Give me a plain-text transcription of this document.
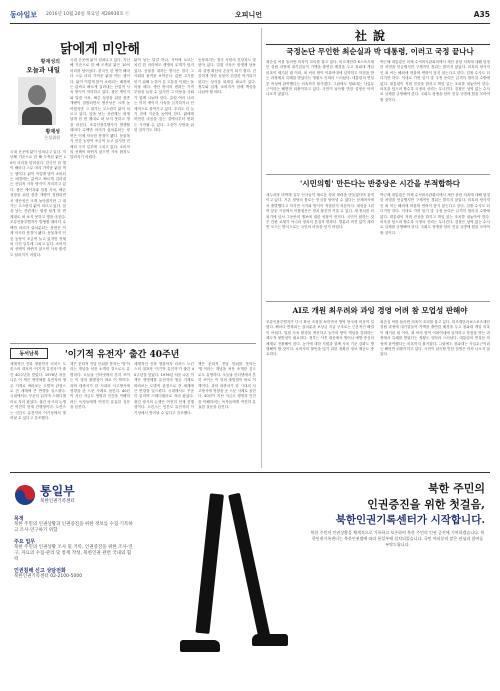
동아일보 2016년 10월 20일 목요일 제28930호 ⓒ	오피니언	A35
닭에게 미안해
황재성의
오늘과 내일
황재성
논설위원
국내 곳곳에 닭이 넘쳐나고 있다. 지난해 기준으로 한 해 도축된 닭은 10억 마리를 넘어섰다. 한국인 한 명이 해마다 스무 마리 가까운 닭을 먹는 셈이다. 닭이 이렇게 많이 소비되는 배경에는 값싸고 빠르게 길러내는 산업적 사육 방식이 자리하고 있다. 좁은 케이지와 밀집 사육, 빠른 성장을 위한 품종 개량이 결합되면서 생산성은 크게 높아졌지만 그 대가는 고스란히 닭이 치르고 있다. 알을 낳는 산란계는 평생 날개 한 번 제대로 펴 보지 못하고 생을 마친다. 조류인플루엔자가 발생할 때마다 수백만 마리가 살처분되는 장면은 이제 익숙한 풍경이 됐다. 동물복지 인증 농장이 조금씩 늘고 있지만 전체의 극히 일부에 그치고 있다. 소비자의 선택이 바뀌지 않으면 사육 환경도 달라지기 어렵다.
국내 곳곳에 닭이 넘쳐나고 있다. 지난해 기준으로 한 해 도축된 닭은 10억 마리를 넘어섰다. 한국인 한 명이 해마다 스무 마리 가까운 닭을 먹는 셈이다. 닭이 이렇게 많이 소비되는 배경에는 값싸고 빠르게 길러내는 산업적 사육 방식이 자리하고 있다. 좁은 케이지와 밀집 사육, 빠른 성장을 위한 품종 개량이 결합되면서 생산성은 크게 높아졌지만 그 대가는 고스란히 닭이 치르고 있다. 알을 낳는 산란계는 평생 날개 한 번 제대로 펴 보지 못하고 생을 마친다. 조류인플루엔자가 발생할 때마다 수백만 마리가 살처분되는 장면은 이제 익숙한 풍경이 됐다. 동물복지 인증 농장이 조금씩 늘고 있지만 전체의 극히 일부에 그치고 있다. 소비자의 선택이 바뀌지 않으면 사육 환경도 달라지기 어렵다.
닭이 낳는 달걀 하나, 식탁에 오르는 치킨 한 마리에도 생명의 무게가 담겨 있다. 동물을 대하는 방식은 결국 그 사회의 품격을 보여준다. 값싼 고기를 얻기 위해 눈감아 온 고통을 이제는 돌아볼 때다. 생산 방식의 변화는 가격 부담을 늘릴 수 있지만 그 비용을 사회가 함께 나눠야 한다. 유럽 여러 나라는 이미 케이지 사육을 금지하거나 단계적으로 줄여가고 있다. 우리도 더 늦기 전에 기준을 높여야 한다. 닭에게 미안한 마음을 갖는 것에서부터 변화는 시작될 수 있다. 그것이 사람을 위한 길이기도 하다.
동물복지는 결국 사람의 건강과도 맞닿아 있다. 밀집 사육은 항생제 남용과 질병 확산의 온상이 되기 쉽다. 건강하게 자란 동물이 건강한 먹거리가 된다는 상식을 되새길 필요가 있다. 정부와 업계, 소비자가 함께 책임을 나눠야 할 때다.
동서남북	'이기적 유전자' 출간 40주년
세계적인 진화 생물학자 리처드 도킨스의 대표작 '이기적 유전자'가 출간 40주년을 맞았다. 1976년 처음 나온 이 책은 생명체를 유전자의 생존 기계로 바라보는 도발적 관점으로 전 세계에 큰 반향을 일으켰다. 국내에서도 꾸준히 읽히며 스테디셀러로 자리 잡았다. 출간 당시의 논쟁은 여전히 현재 진행형이다. 도킨스는 인간도 유전자의 이기성에서 벗어날 수 있다고 강조했다.
책은 문화적 전달 단위를 뜻하는 '밈'이라는 개념을 처음 소개한 것으로도 유명하다. 오늘날 인터넷에서 흔히 쓰이는 이 말의 출발점이 바로 이 책이다. 과학 대중서가 한 시대의 사고방식에 영향을 준 드문 사례로 꼽힌다. 40년이 지난 지금도 생명과 인간을 이해하려는 독자들에게 여전히 유효한 질문을 던진다.
세계적인 진화 생물학자 리처드 도킨스의 대표작 '이기적 유전자'가 출간 40주년을 맞았다. 1976년 처음 나온 이 책은 생명체를 유전자의 생존 기계로 바라보는 도발적 관점으로 전 세계에 큰 반향을 일으켰다. 국내에서도 꾸준히 읽히며 스테디셀러로 자리 잡았다. 출간 당시의 논쟁은 여전히 현재 진행형이다. 도킨스는 인간도 유전자의 이기성에서 벗어날 수 있다고 강조했다.
책은 문화적 전달 단위를 뜻하는 '밈'이라는 개념을 처음 소개한 것으로도 유명하다. 오늘날 인터넷에서 흔히 쓰이는 이 말의 출발점이 바로 이 책이다. 과학 대중서가 한 시대의 사고방식에 영향을 준 드문 사례로 꼽힌다. 40년이 지난 지금도 생명과 인간을 이해하려는 독자들에게 여전히 유효한 질문을 던진다.
社說
국정논단 무인한 최순실과 박 대통령, 이러고 국정 끝나나
최순실 씨를 둘러싼 의혹이 꼬리를 물고 있다. 미르재단과 K스포츠재단 설립 과정에 대기업들이 거액을 출연한 배경을 두고 청와대 개입 의혹이 제기된 데 이어, 최 씨의 딸이 이화여대에 입학하고 학점을 받는 과정에서 특혜를 받았다는 정황도 잇따라 드러났다. 대통령의 연설문 작성에 관여했다는 의혹까지 불거졌다. 그럼에도 청와대는 사실무근이라는 해명만 되풀이하고 있다. 국민이 납득할 만한 설명은 아직 나오지 않았다.
박근혜 대통령은 어제 수석비서관회의에서 재단 관련 의혹에 대해 엄정한 처벌을 언급했지만 구체적인 경위는 밝히지 않았다. 의혹의 당사자인 최 씨는 해외에 머물며 연락이 닿지 않는다고 한다. 검찰 수사도 더디기만 하다. 이대로 가면 임기 말 국정 동력은 급격히 떨어질 수밖에 없다. 대통령이 직접 진상을 밝히고 책임 있는 조치를 내놓아야 한다. 의혹을 덮으려 할수록 국정의 신뢰는 무너진다. 검찰은 성역 없는 수사로 실체를 규명해야 한다. 국회도 정쟁을 넘어 진실 규명에 힘을 모아야 할 것이다.
'시민의힘' 만든다는 반중당은 시간을 부적합하다
새누리당 비박계 일부 인사들이 새로운 정치 세력을 만들겠다며 움직이고 있다. 기존 정당의 틀로는 민심을 담아낼 수 없다는 문제의식에서 출발했다고 하지만 시기와 방식이 적절한지 의문이다. 대선을 1년여 앞둔 시점에서 이합집산은 정치 불신만 키울 수 있다. 새 정치를 외치기에 앞서 그동안의 행보에 대한 성찰이 먼저다. 국민이 원하는 것은 간판 교체가 아니라 정치의 본질적 변화다. 명분과 비전 없이 세력만 모으는 방식으로는 국민의 마음을 얻기 어렵다.
박근혜 대통령은 어제 수석비서관회의에서 재단 관련 의혹에 대해 엄정한 처벌을 언급했지만 구체적인 경위는 밝히지 않았다. 의혹의 당사자인 최 씨는 해외에 머물며 연락이 닿지 않는다고 한다. 검찰 수사도 더디기만 하다. 이대로 가면 임기 말 국정 동력은 급격히 떨어질 수밖에 없다. 대통령이 직접 진상을 밝히고 책임 있는 조치를 내놓아야 한다. 의혹을 덮으려 할수록 국정의 신뢰는 무너진다. 검찰은 성역 없는 수사로 실체를 규명해야 한다. 국회도 정쟁을 넘어 진실 규명에 힘을 모아야 할 것이다.
AI로 개원 최우려와 과잉 경영 어려 참 모업성 판해야
조류인플루엔자가 다시 확산 조짐을 보이면서 방역 당국에 비상이 걸렸다. 해마다 반복되는 살처분과 보상금 지급 구조로는 근본적인 해결이 어렵다. 밀집 사육 환경을 개선하고 농가의 방역 책임을 강화하는 제도적 뒷받침이 필요하다. 정부는 사후 대응에서 벗어나 예방 중심의 체계로 전환해야 한다. 농가에 대한 지원과 함께 사육 기준 강화도 병행해야 할 것이다. 소비자의 불안을 덜기 위한 정확한 정보 제공도 중요하다.
최순실 씨를 둘러싼 의혹이 꼬리를 물고 있다. 미르재단과 K스포츠재단 설립 과정에 대기업들이 거액을 출연한 배경을 두고 청와대 개입 의혹이 제기된 데 이어, 최 씨의 딸이 이화여대에 입학하고 학점을 받는 과정에서 특혜를 받았다는 정황도 잇따라 드러났다. 대통령의 연설문 작성에 관여했다는 의혹까지 불거졌다. 그럼에도 청와대는 사실무근이라는 해명만 되풀이하고 있다. 국민이 납득할 만한 설명은 아직 나오지 않았다.
통일부
북한인권기록센터
목적
북한 주민의 인권상황과 인권증진을 위한 정보를 수집·기록하고 조사·연구하기 위함
주요 업무
북한 주민의 인권상황 조사 및 기록, 인권증진을 위한 조사·연구, 자료의 수집·관리 및 통계 작성, 북한인권 관련 국내외 협력
인권침해 신고 상담전화
북한인권기록센터 02-2100-5000
북한 주민의
인권증진을 위한 첫걸음,
북한인권기록센터가 시작합니다.
북한 주민의 인권상황을 체계적으로 기록하고 보존하여 북한 주민의 인권 증진에 기여하겠습니다. 북한인권기록센터는 북한인권법에 따라 통일부에 설치되었습니다. 국민 여러분의 많은 관심과 참여를 부탁드립니다.
